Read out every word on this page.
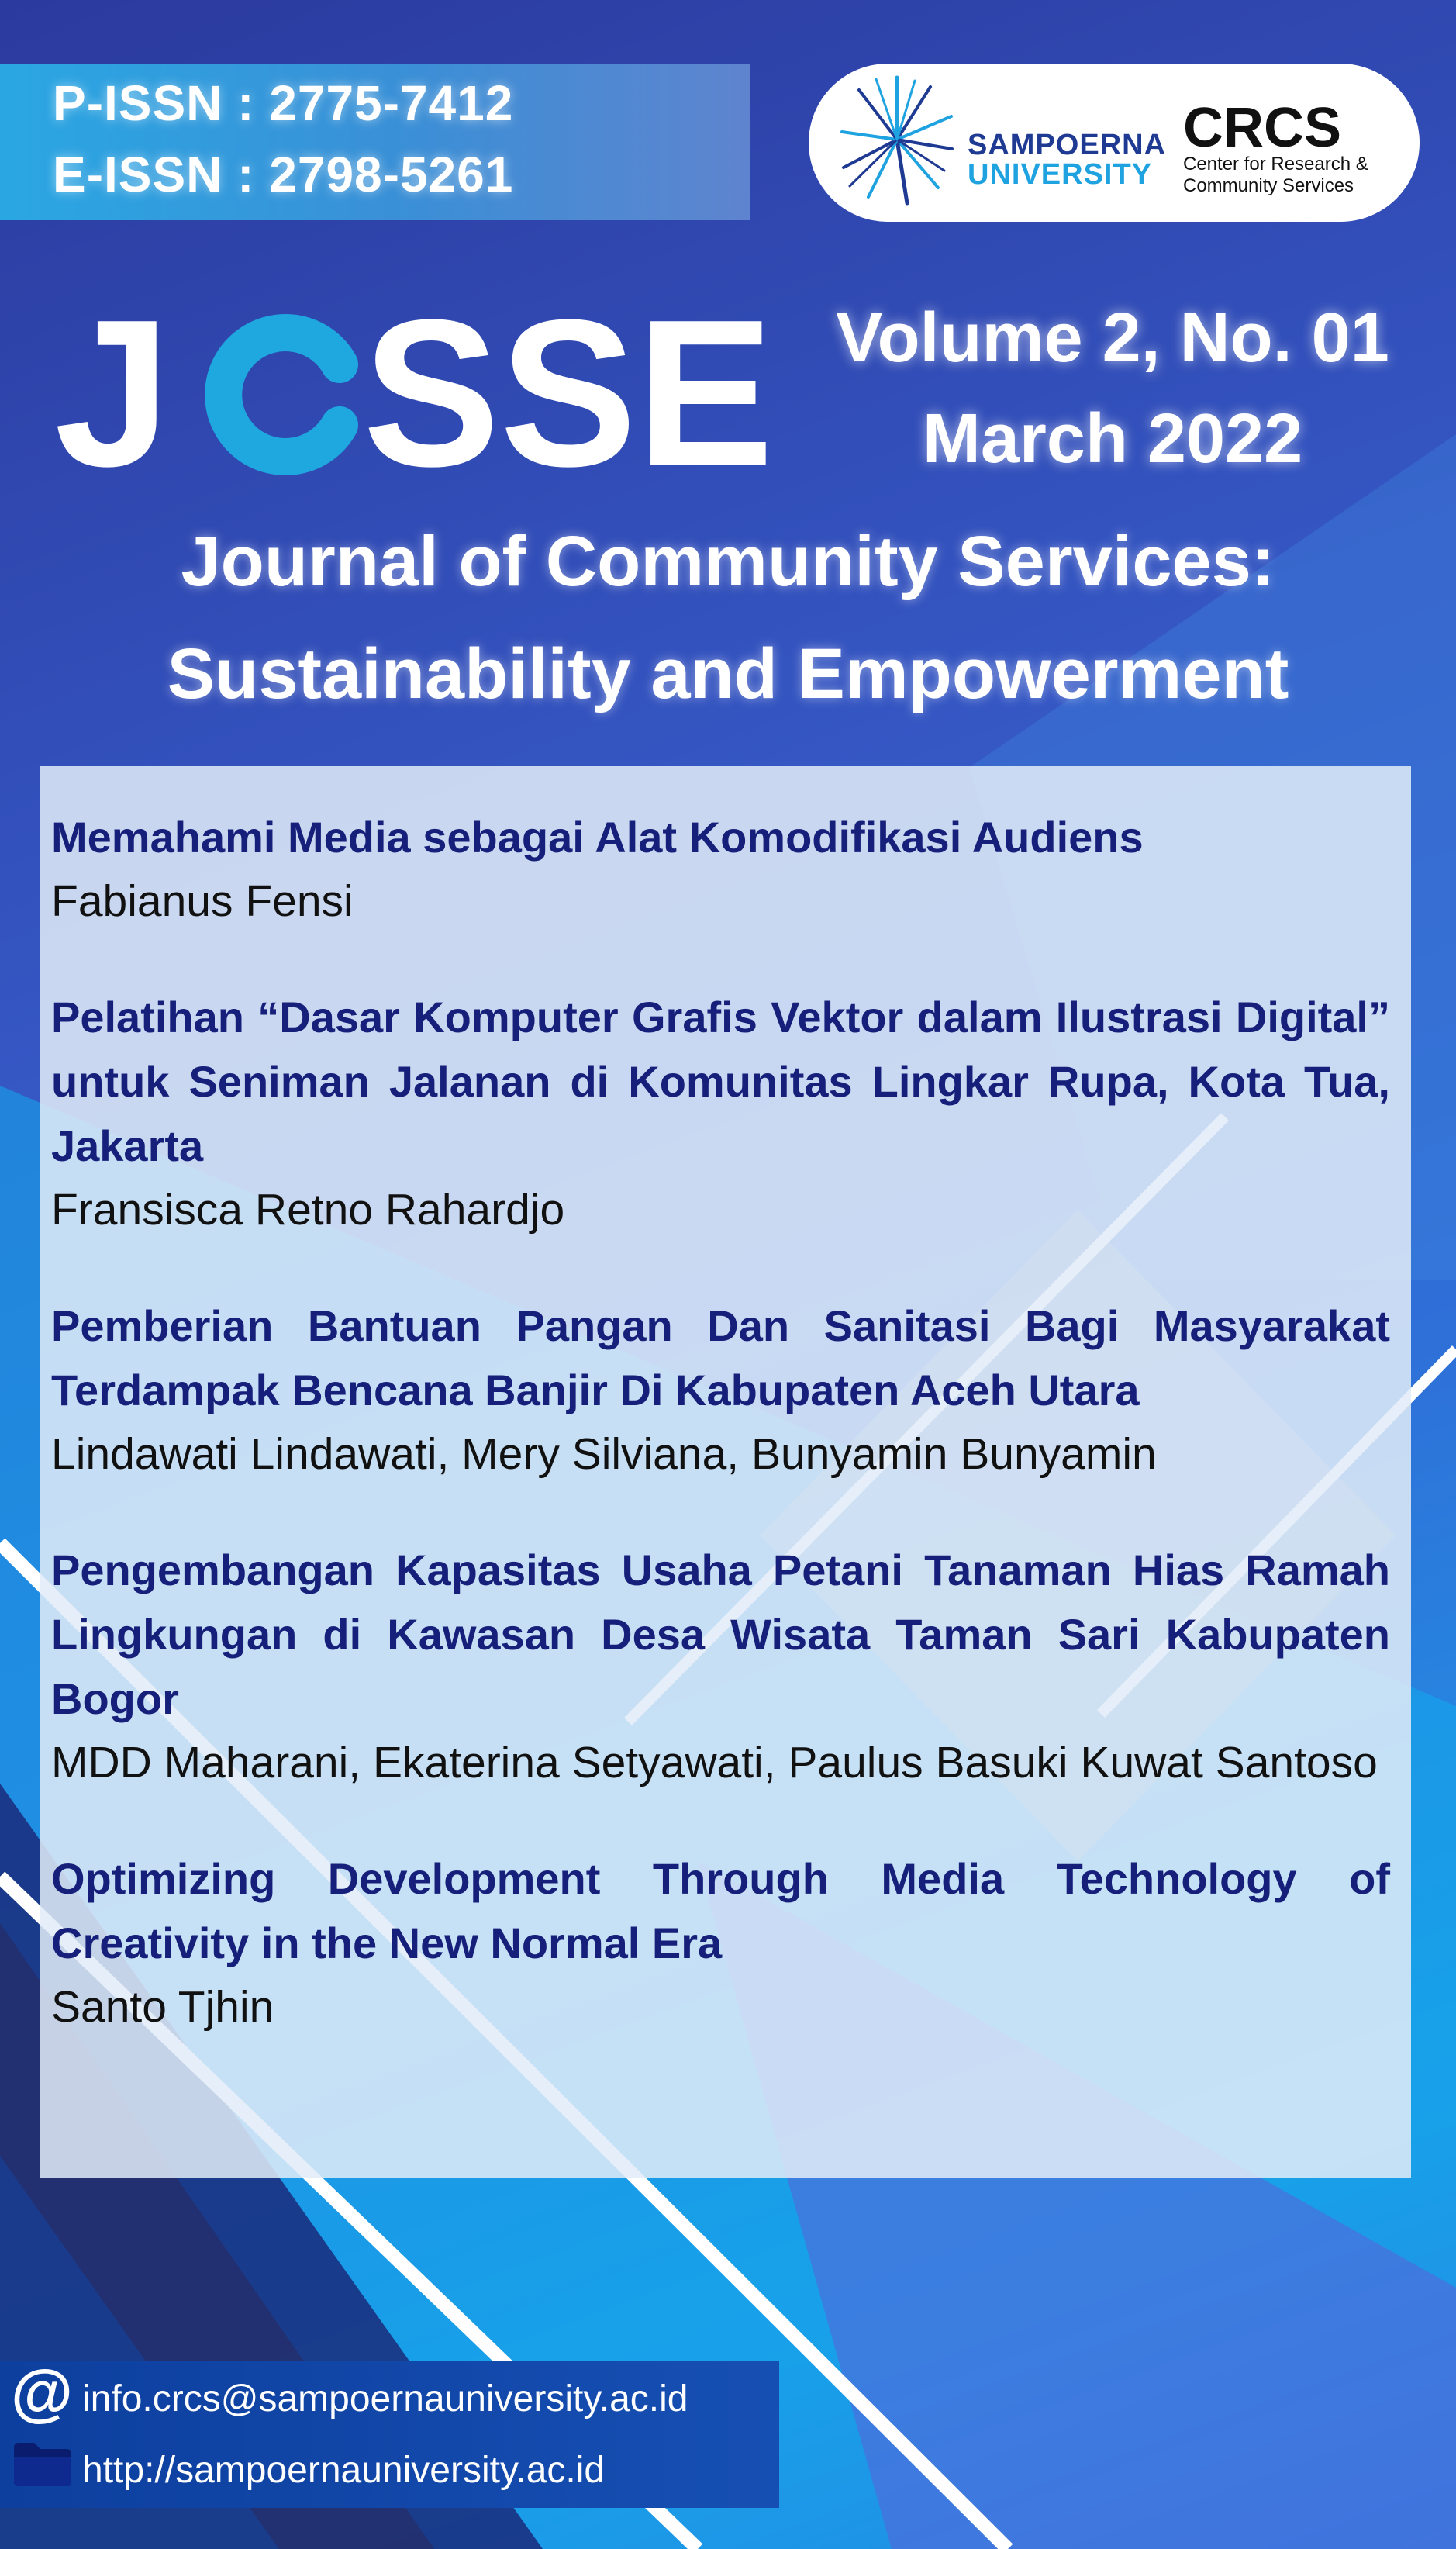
P-ISSN : 2775-7412
E-ISSN : 2798-5261
SAMPOERNA
UNIVERSITY
CRCS
Center for Research &
Community Services
J SSE Volume 2, No. 01
March 2022
Journal of Community Services:
Sustainability and Empowerment
Memahami Media sebagai Alat Komodifikasi Audiens
Fabianus Fensi
Pelatihan “Dasar Komputer Grafis Vektor dalam Ilustrasi Digital” untuk Seniman Jalanan di Komunitas Lingkar Rupa, Kota Tua, Jakarta
Fransisca Retno Rahardjo
Pemberian Bantuan Pangan Dan Sanitasi Bagi Masyarakat Terdampak Bencana Banjir Di Kabupaten Aceh Utara
Lindawati Lindawati, Mery Silviana, Bunyamin Bunyamin
Pengembangan Kapasitas Usaha Petani Tanaman Hias Ramah Lingkungan di Kawasan Desa Wisata Taman Sari Kabupaten Bogor
MDD Maharani, Ekaterina Setyawati, Paulus Basuki Kuwat Santoso
Optimizing Development Through Media Technology of Creativity in the New Normal Era
Santo Tjhin
@ info.crcs@sampoernauniversity.ac.id
http://sampoernauniversity.ac.id
